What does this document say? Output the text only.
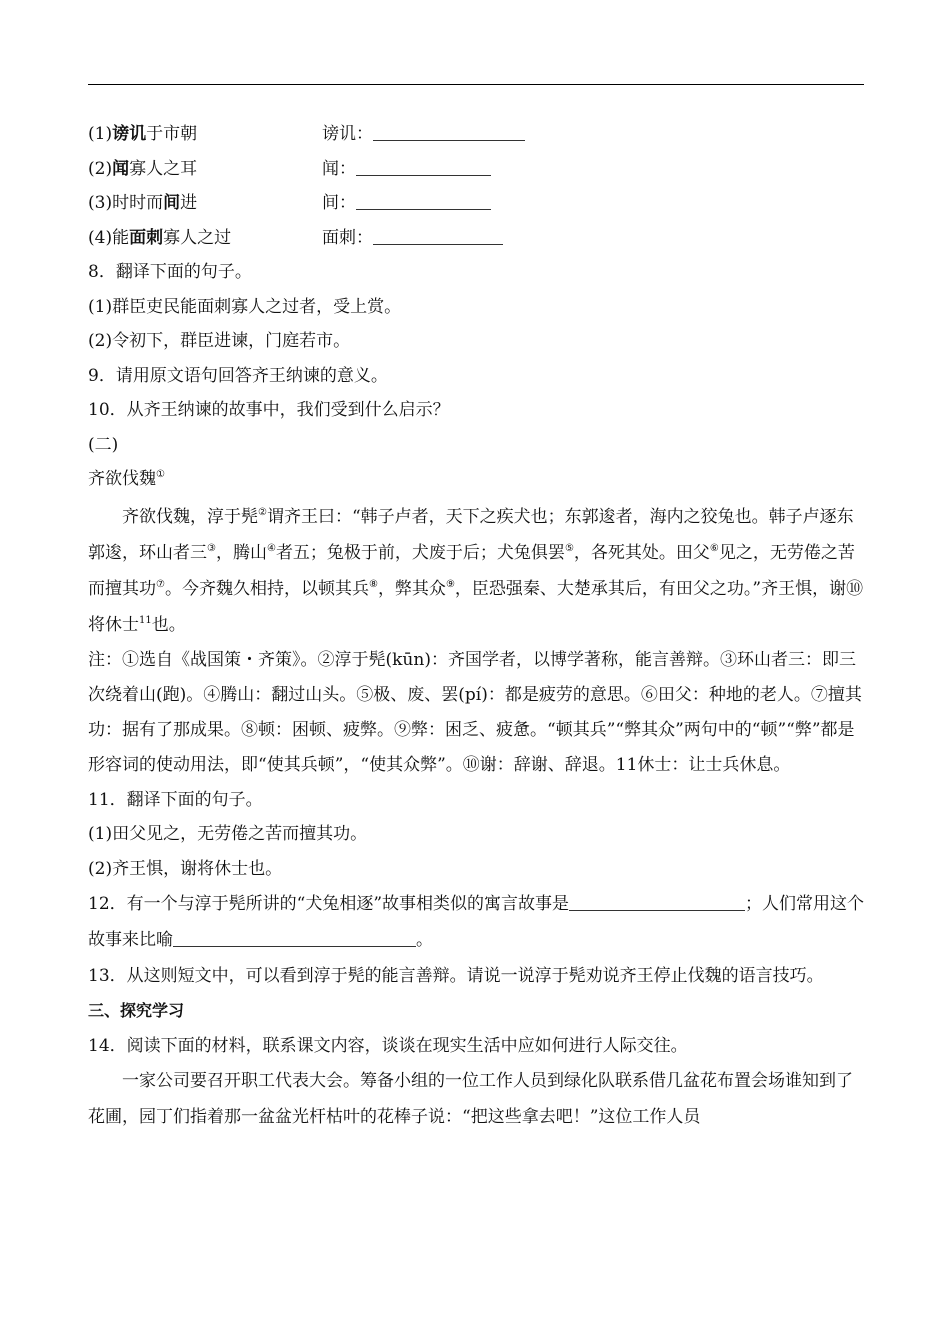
(1)谤讥于市朝	谤讥：
(2)闻寡人之耳	闻：
(3)时时而间进	间：
(4)能面刺寡人之过	面刺：
8．翻译下面的句子。
(1)群臣吏民能面刺寡人之过者，受上赏。
(2)令初下，群臣进谏，门庭若市。
9．请用原文语句回答齐王纳谏的意义。
10．从齐王纳谏的故事中，我们受到什么启示？
(二)
齐欲伐魏①
齐欲伐魏，淳于髡②谓齐王曰：“韩子卢者，天下之疾犬也；东郭逡者，海内之狡兔也。韩子卢逐东郭逡，环山者三③，腾山④者五；兔极于前，犬废于后；犬兔俱罢⑤，各死其处。田父⑥见之，无劳倦之苦而擅其功⑦。今齐魏久相持，以顿其兵⑧，弊其众⑨，臣恐强秦、大楚承其后，有田父之功。”齐王惧，谢⑩将休士$^{11}$也。
注：①选自《战国策・齐策》。②淳于髡(kūn)：齐国学者，以博学著称，能言善辩。③环山者三：即三次绕着山(跑)。④腾山：翻过山头。⑤极、废、罢(pí)：都是疲劳的意思。⑥田父：种地的老人。⑦擅其功：据有了那成果。⑧顿：困顿、疲弊。⑨弊：困乏、疲惫。“顿其兵”“弊其众”两句中的“顿”“弊”都是形容词的使动用法，即“使其兵顿”，“使其众弊”。⑩谢：辞谢、辞退。11休士：让士兵休息。
11．翻译下面的句子。
(1)田父见之，无劳倦之苦而擅其功。
(2)齐王惧，谢将休士也。
12．有一个与淳于髡所讲的“犬兔相逐”故事相类似的寓言故事是	；人们常用这个故事来比喻	。
13．从这则短文中，可以看到淳于髡的能言善辩。请说一说淳于髡劝说齐王停止伐魏的语言技巧。
三、探究学习
14．阅读下面的材料，联系课文内容，谈谈在现实生活中应如何进行人际交往。
一家公司要召开职工代表大会。筹备小组的一位工作人员到绿化队联系借几盆花布置会场谁知到了花圃，园丁们指着那一盆盆光杆枯叶的花棒子说：“把这些拿去吧！”这位工作人员
